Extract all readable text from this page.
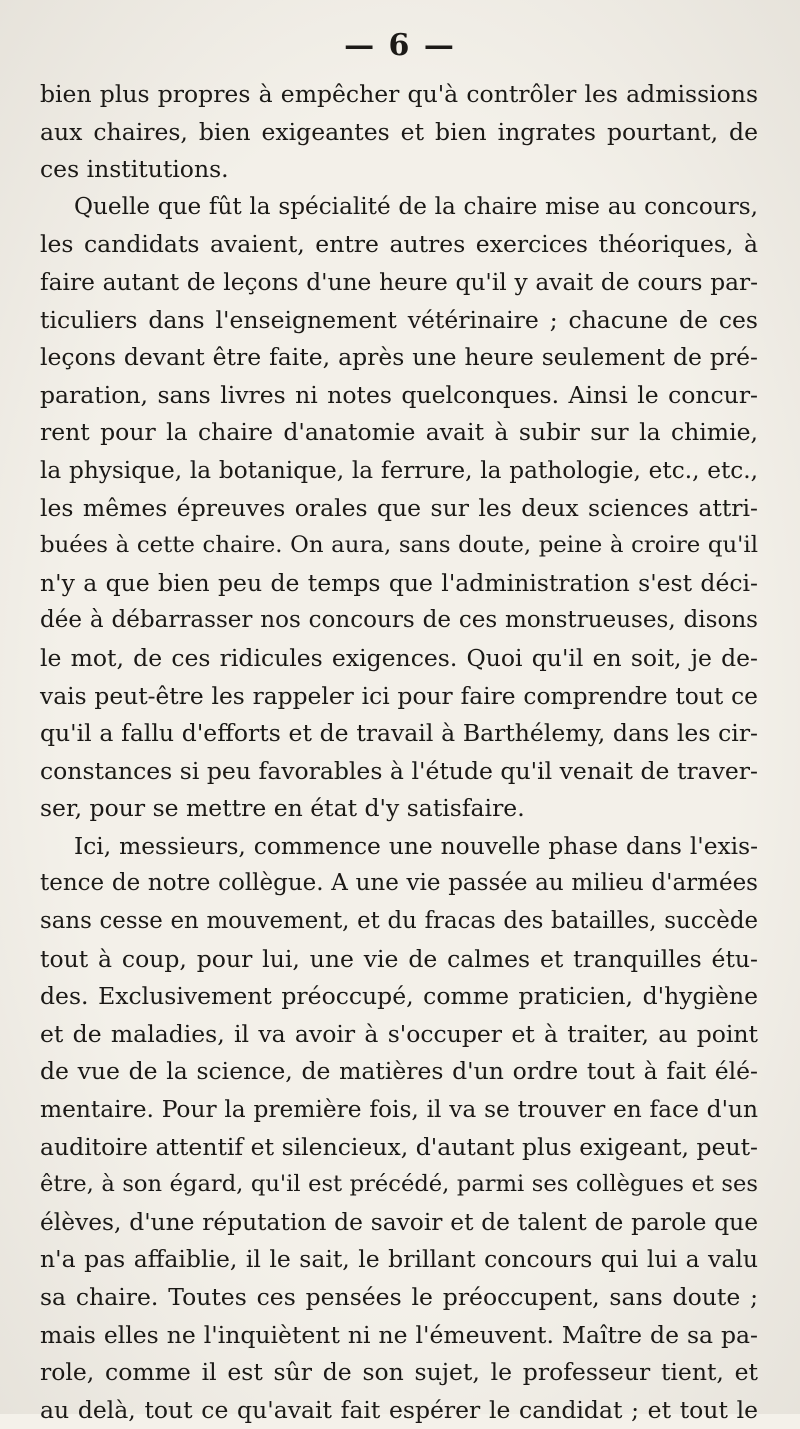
— 6 —
bien plus propres à empêcher qu'à contrôler les admissions
aux chaires, bien exigeantes et bien ingrates pourtant, de
ces institutions.
Quelle que fût la spécialité de la chaire mise au concours,
les candidats avaient, entre autres exercices théoriques, à
faire autant de leçons d'une heure qu'il y avait de cours par-
ticuliers dans l'enseignement vétérinaire ; chacune de ces
leçons devant être faite, après une heure seulement de pré-
paration, sans livres ni notes quelconques. Ainsi le concur-
rent pour la chaire d'anatomie avait à subir sur la chimie,
la physique, la botanique, la ferrure, la pathologie, etc., etc.,
les mêmes épreuves orales que sur les deux sciences attri-
buées à cette chaire. On aura, sans doute, peine à croire qu'il
n'y a que bien peu de temps que l'administration s'est déci-
dée à débarrasser nos concours de ces monstrueuses, disons
le mot, de ces ridicules exigences. Quoi qu'il en soit, je de-
vais peut-être les rappeler ici pour faire comprendre tout ce
qu'il a fallu d'efforts et de travail à Barthélemy, dans les cir-
constances si peu favorables à l'étude qu'il venait de traver-
ser, pour se mettre en état d'y satisfaire.
Ici, messieurs, commence une nouvelle phase dans l'exis-
tence de notre collègue. A une vie passée au milieu d'armées
sans cesse en mouvement, et du fracas des batailles, succède
tout à coup, pour lui, une vie de calmes et tranquilles étu-
des. Exclusivement préoccupé, comme praticien, d'hygiène
et de maladies, il va avoir à s'occuper et à traiter, au point
de vue de la science, de matières d'un ordre tout à fait élé-
mentaire. Pour la première fois, il va se trouver en face d'un
auditoire attentif et silencieux, d'autant plus exigeant, peut-
être, à son égard, qu'il est précédé, parmi ses collègues et ses
élèves, d'une réputation de savoir et de talent de parole que
n'a pas affaiblie, il le sait, le brillant concours qui lui a valu
sa chaire. Toutes ces pensées le préoccupent, sans doute ;
mais elles ne l'inquiètent ni ne l'émeuvent. Maître de sa pa-
role, comme il est sûr de son sujet, le professeur tient, et
au delà, tout ce qu'avait fait espérer le candidat ; et tout le
